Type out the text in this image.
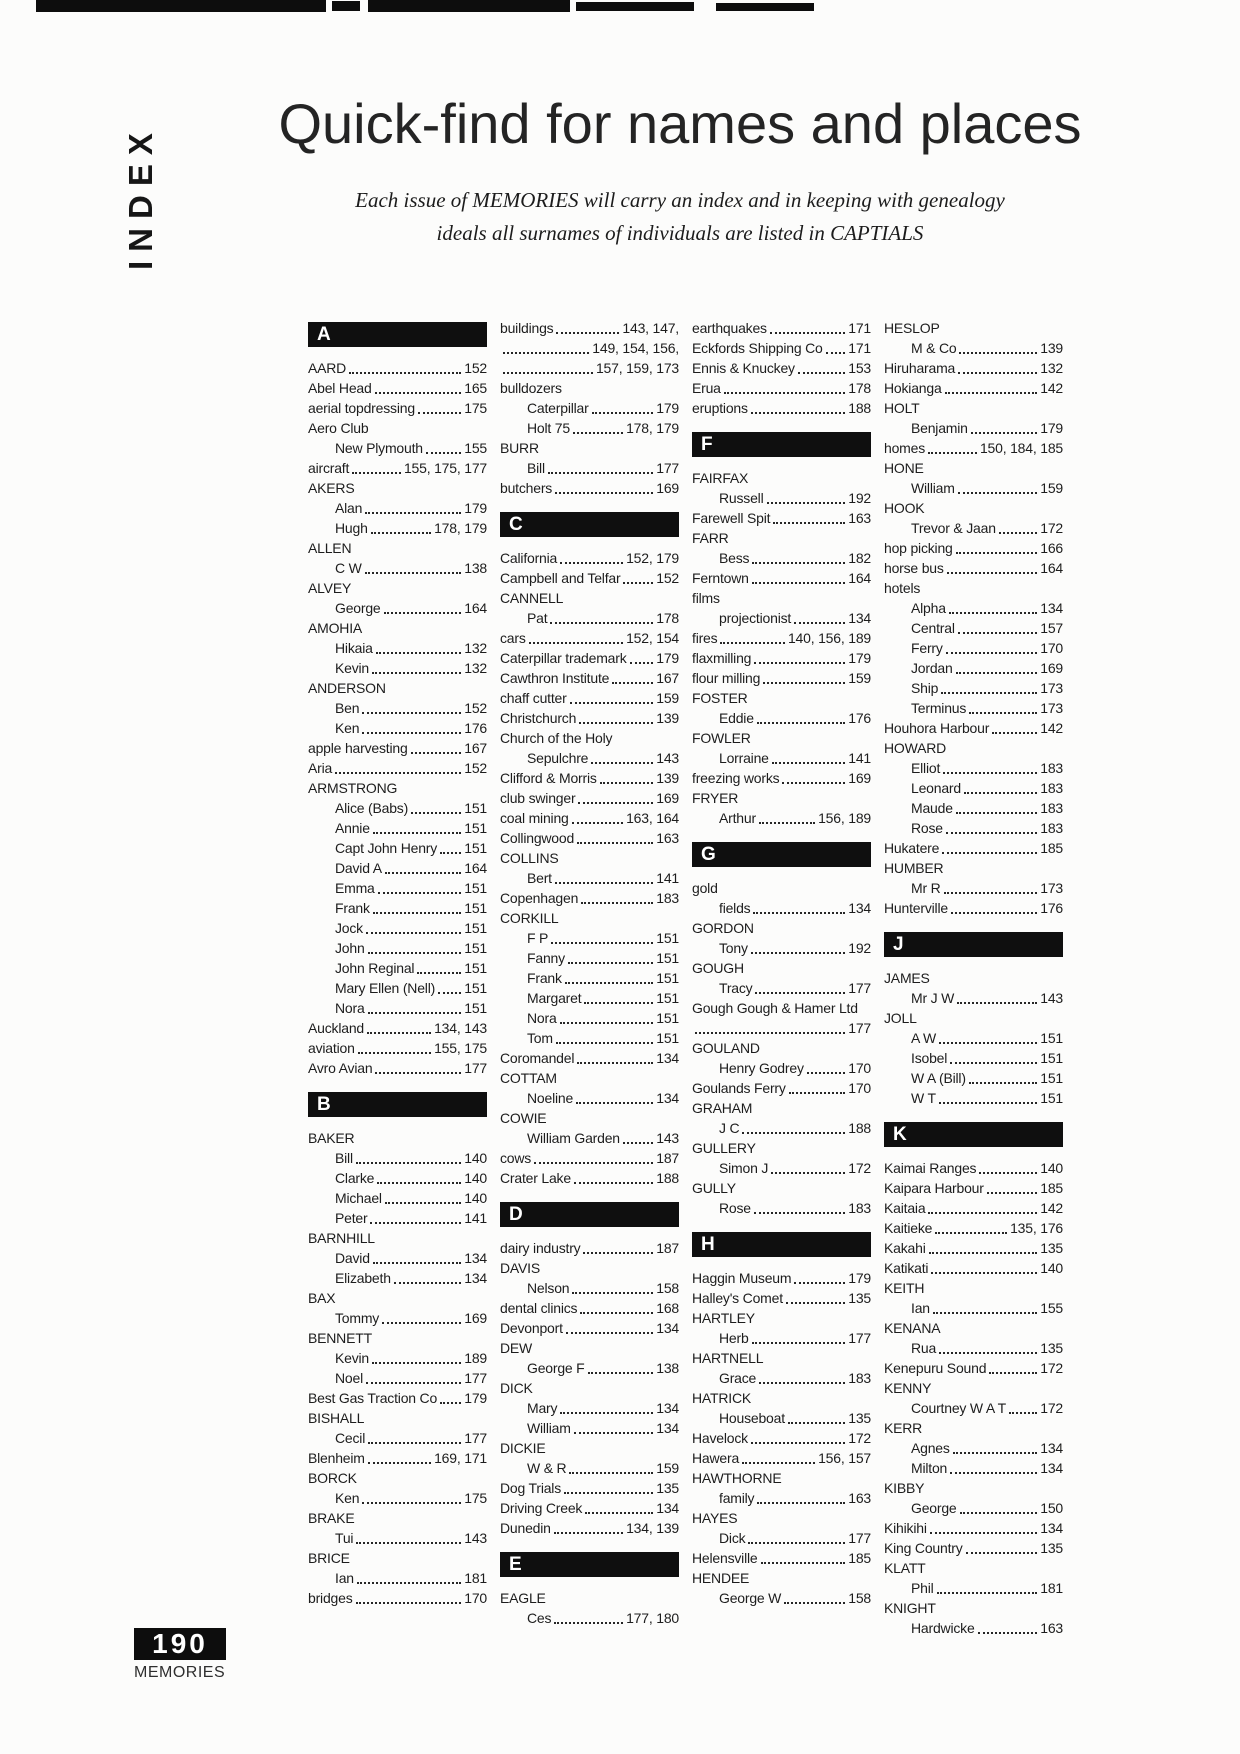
INDEX
Quick-find for names and places
Each issue of MEMORIES will carry an index and in keeping with genealogy
ideals all surnames of individuals are listed in CAPTIALS
A
AARD	152
Abel Head	165
aerial topdressing	175
Aero Club
New Plymouth	155
aircraft	155, 175, 177
AKERS
Alan	179
Hugh	178, 179
ALLEN
C W	138
ALVEY
George	164
AMOHIA
Hikaia	132
Kevin	132
ANDERSON
Ben	152
Ken	176
apple harvesting	167
Aria	152
ARMSTRONG
Alice (Babs)	151
Annie	151
Capt John Henry 151
David A	164
Emma	151
Frank	151
Jock	151
John	151
John Reginal	151
Mary Ellen (Nell) 151
Nora	151
Auckland	134, 143
aviation	155, 175
Avro Avian	177
B
BAKER
Bill	140
Clarke	140
Michael	140
Peter	141
BARNHILL
David	134
Elizabeth	134
BAX
Tommy	169
BENNETT
Kevin	189
Noel	177
Best Gas Traction Co 179
BISHALL
Cecil	177
Blenheim	169, 171
BORCK
Ken	175
BRAKE
Tui	143
BRICE
Ian	181
bridges	170
buildings	143, 147,
149, 154, 156,
157, 159, 173
bulldozers
Caterpillar	179
Holt 75	178, 179
BURR
Bill	177
butchers	169
C
California	152, 179
Campbell and Telfar	152
CANNELL
Pat	178
cars	152, 154
Caterpillar trademark 179
Cawthron Institute	167
chaff cutter	159
Christchurch	139
Church of the Holy
Sepulchre	143
Clifford & Morris	139
club swinger	169
coal mining	163, 164
Collingwood	163
COLLINS
Bert	141
Copenhagen	183
CORKILL
F P	151
Fanny	151
Frank	151
Margaret	151
Nora	151
Tom	151
Coromandel	134
COTTAM
Noeline	134
COWIE
William Garden	143
cows	187
Crater Lake	188
D
dairy industry	187
DAVIS
Nelson	158
dental clinics	168
Devonport	134
DEW
George F	138
DICK
Mary	134
William	134
DICKIE
W & R	159
Dog Trials	135
Driving Creek	134
Dunedin	134, 139
E
EAGLE
Ces	177, 180
earthquakes	171
Eckfords Shipping Co 171
Ennis & Knuckey	153
Erua	178
eruptions	188
F
FAIRFAX
Russell	192
Farewell Spit	163
FARR
Bess	182
Ferntown	164
films
projectionist	134
fires	140, 156, 189
flaxmilling	179
flour milling	159
FOSTER
Eddie	176
FOWLER
Lorraine	141
freezing works	169
FRYER
Arthur	156, 189
G
gold
fields	134
GORDON
Tony	192
GOUGH
Tracy	177
Gough Gough & Hamer Ltd
177
GOULAND
Henry Godrey	170
Goulands Ferry	170
GRAHAM
J C	188
GULLERY
Simon J	172
GULLY
Rose	183
H
Haggin Museum	179
Halley's Comet	135
HARTLEY
Herb	177
HARTNELL
Grace	183
HATRICK
Houseboat	135
Havelock	172
Hawera	156, 157
HAWTHORNE
family	163
HAYES
Dick	177
Helensville	185
HENDEE
George W	158
HESLOP
M & Co	139
Hiruharama	132
Hokianga	142
HOLT
Benjamin	179
homes	150, 184, 185
HONE
William	159
HOOK
Trevor & Jaan	172
hop picking	166
horse bus	164
hotels
Alpha	134
Central	157
Ferry	170
Jordan	169
Ship	173
Terminus	173
Houhora Harbour	142
HOWARD
Elliot	183
Leonard	183
Maude	183
Rose	183
Hukatere	185
HUMBER
Mr R	173
Hunterville	176
J
JAMES
Mr J W	143
JOLL
A W	151
Isobel	151
W A (Bill)	151
W T	151
K
Kaimai Ranges	140
Kaipara Harbour	185
Kaitaia	142
Kaitieke	135, 176
Kakahi	135
Katikati	140
KEITH
Ian	155
KENANA
Rua	135
Kenepuru Sound	172
KENNY
Courtney W A T 172
KERR
Agnes	134
Milton	134
KIBBY
George	150
Kihikihi	134
King Country	135
KLATT
Phil	181
KNIGHT
Hardwicke	163
190
MEMORIES
